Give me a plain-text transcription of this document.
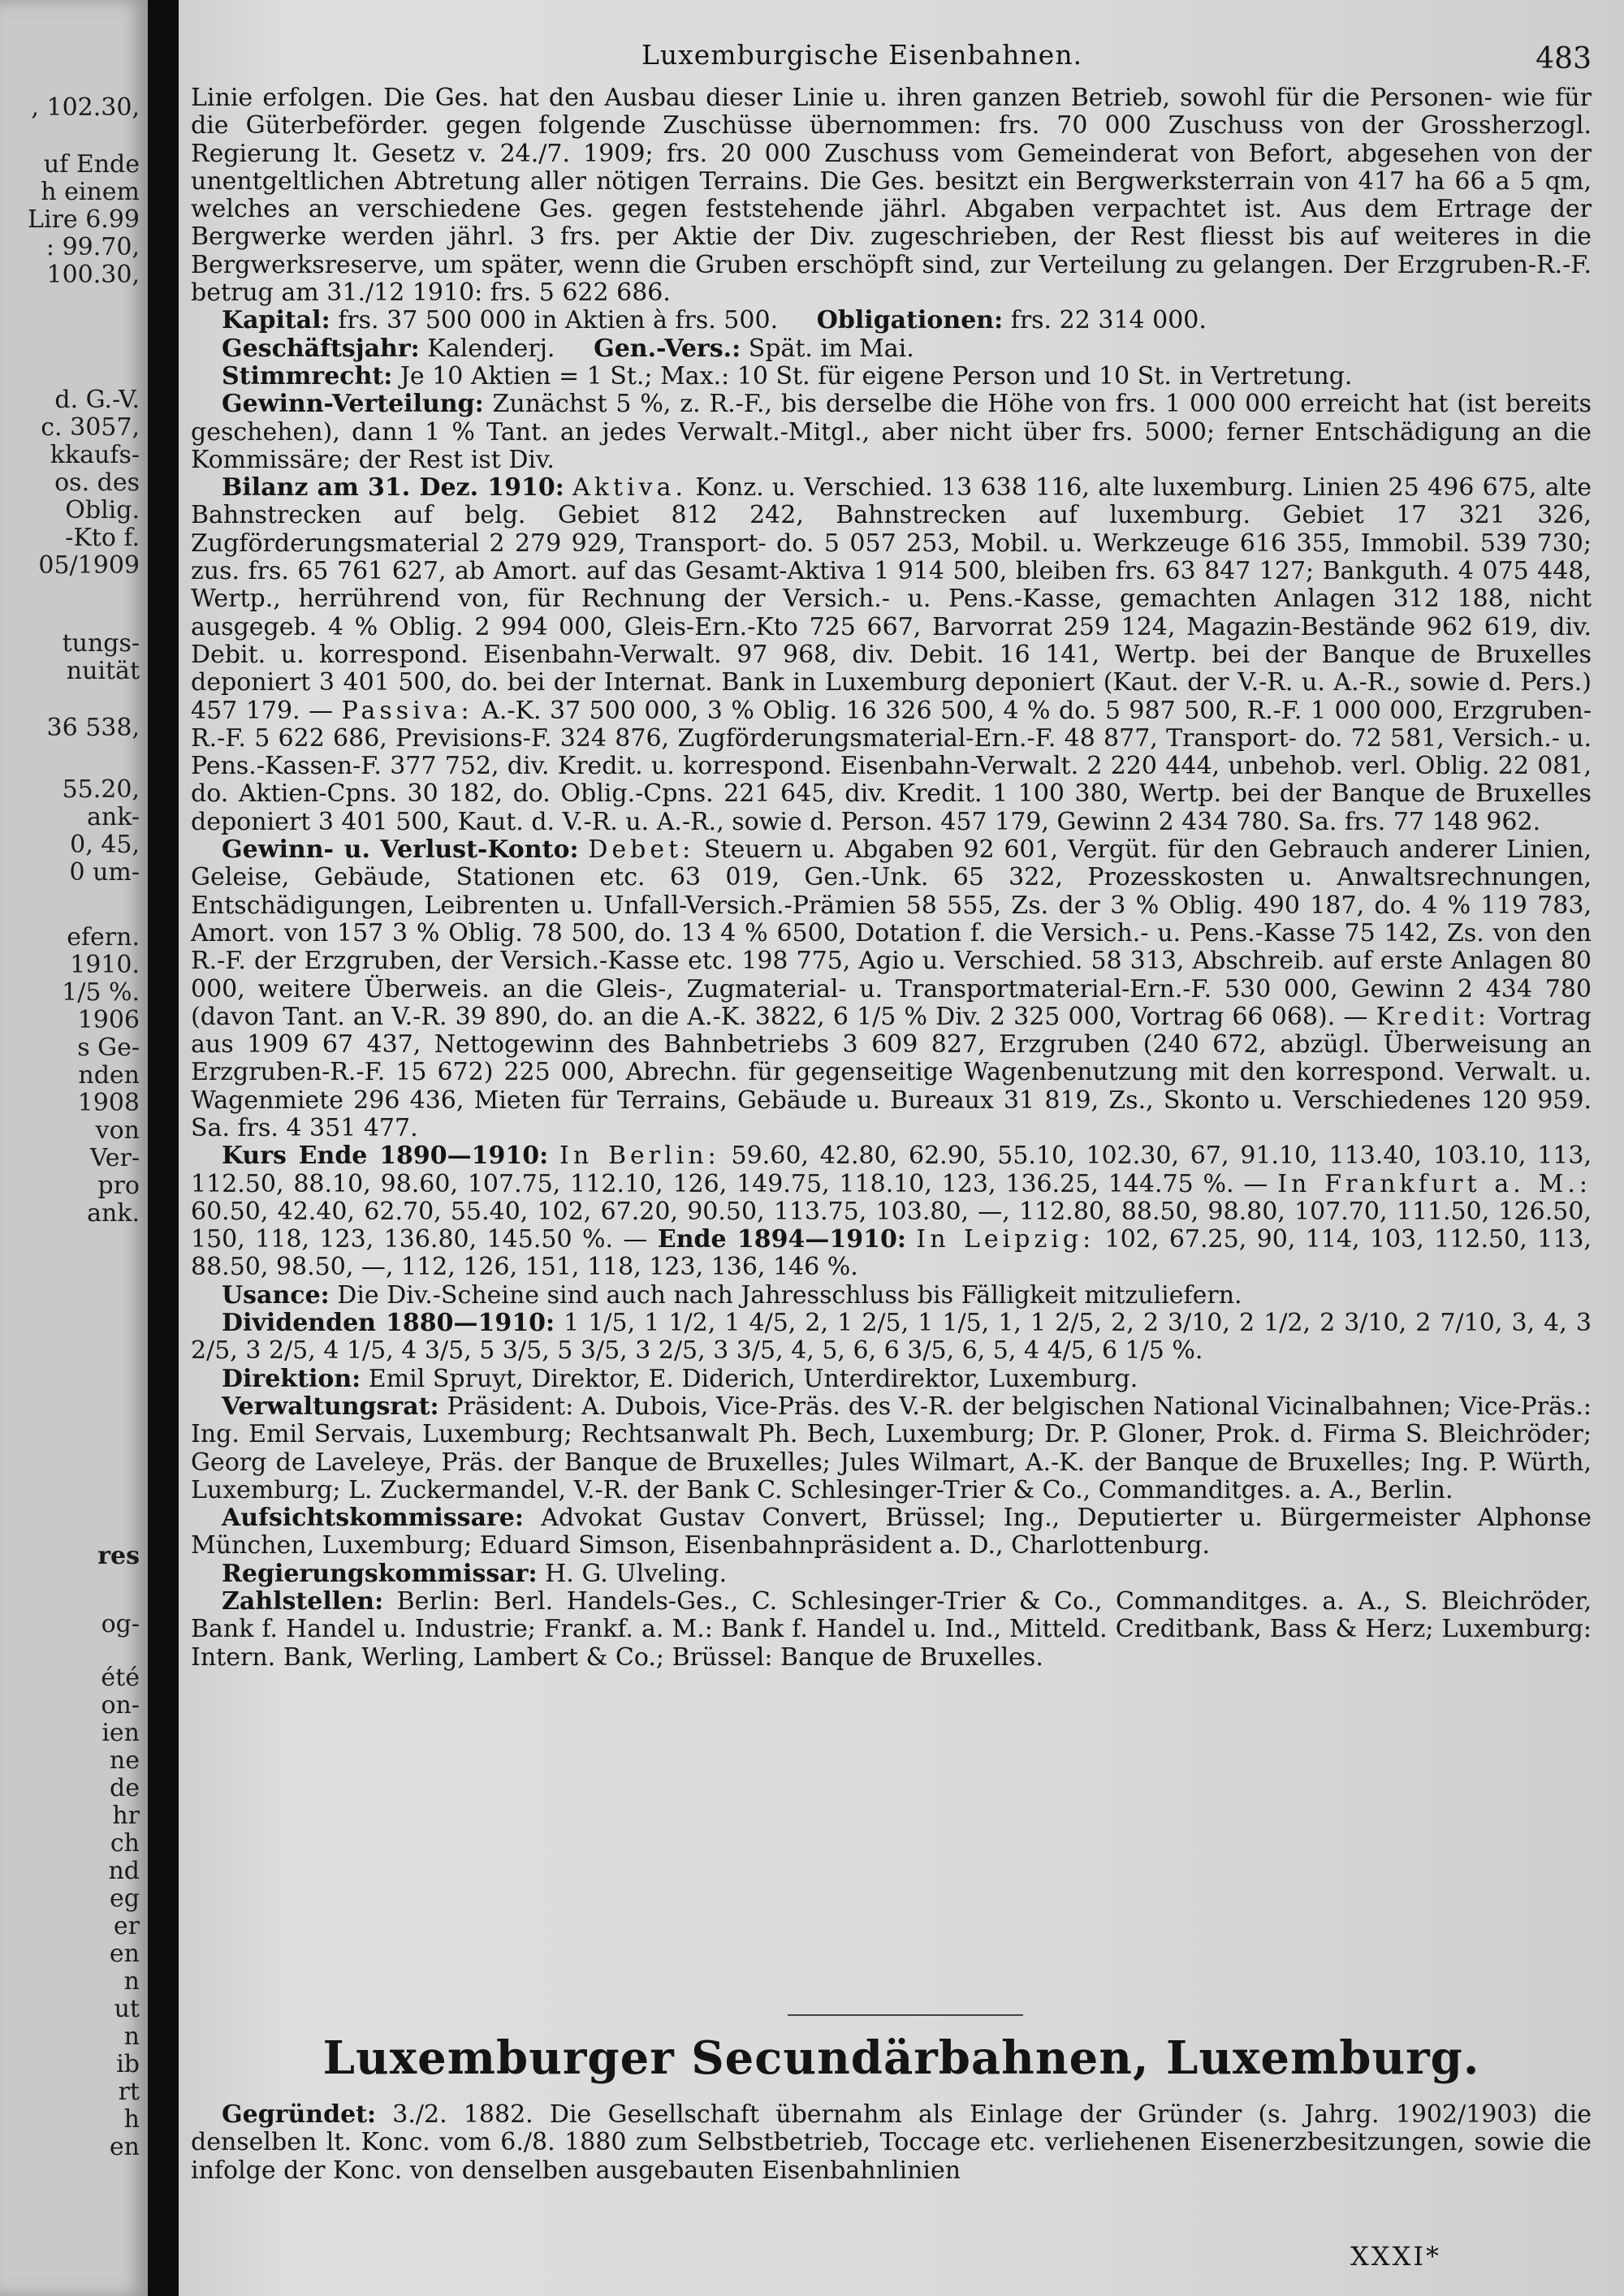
, 102.30,
uf Ende
h einem
Lire 6.99
: 99.70,
100.30,
d. G.-V.
c. 3057,
kkaufs-
os. des
Oblig.
-Kto f.
05/1909
tungs-
nuität
36 538,
55.20,
ank-
0, 45,
0 um-
efern.
1910.
1/5 %.
1906
s Ge-
nden
1908
von
Ver-
pro
ank.
res
og-
été
on-
ien
ne
de
hr
ch
nd
eg
er
en
n
ut
n
ib
rt
h
en
Luxemburgische Eisenbahnen.	483

Linie erfolgen. Die Ges. hat den Ausbau dieser Linie u. ihren ganzen Betrieb, sowohl für die Personen- wie für die Güterbeförder. gegen folgende Zuschüsse übernommen: frs. 70 000 Zuschuss von der Grossherzogl. Regierung lt. Gesetz v. 24./7. 1909; frs. 20 000 Zuschuss vom Gemeinderat von Befort, abgesehen von der unentgeltlichen Abtretung aller nötigen Terrains. Die Ges. besitzt ein Bergwerksterrain von 417 ha 66 a 5 qm, welches an verschiedene Ges. gegen feststehende jährl. Abgaben verpachtet ist. Aus dem Ertrage der Bergwerke werden jährl. 3 frs. per Aktie der Div. zugeschrieben, der Rest fliesst bis auf weiteres in die Bergwerksreserve, um später, wenn die Gruben erschöpft sind, zur Verteilung zu gelangen. Der Erzgruben-R.-F. betrug am 31./12 1910: frs. 5 622 686.

Kapital: frs. 37 500 000 in Aktien à frs. 500. Obligationen: frs. 22 314 000.

Geschäftsjahr: Kalenderj. Gen.-Vers.: Spät. im Mai.

Stimmrecht: Je 10 Aktien = 1 St.; Max.: 10 St. für eigene Person und 10 St. in Vertretung.

Gewinn-Verteilung: Zunächst 5 %, z. R.-F., bis derselbe die Höhe von frs. 1 000 000 erreicht hat (ist bereits geschehen), dann 1 % Tant. an jedes Verwalt.-Mitgl., aber nicht über frs. 5000; ferner Entschädigung an die Kommissäre; der Rest ist Div.

Bilanz am 31. Dez. 1910: Aktiva. Konz. u. Verschied. 13 638 116, alte luxemburg. Linien 25 496 675, alte Bahnstrecken auf belg. Gebiet 812 242, Bahnstrecken auf luxemburg. Gebiet 17 321 326, Zugförderungsmaterial 2 279 929, Transport- do. 5 057 253, Mobil. u. Werkzeuge 616 355, Immobil. 539 730; zus. frs. 65 761 627, ab Amort. auf das Gesamt-Aktiva 1 914 500, bleiben frs. 63 847 127; Bankguth. 4 075 448, Wertp., herrührend von, für Rechnung der Versich.- u. Pens.-Kasse, gemachten Anlagen 312 188, nicht ausgegeb. 4 % Oblig. 2 994 000, Gleis-Ern.-Kto 725 667, Barvorrat 259 124, Magazin-Bestände 962 619, div. Debit. u. korrespond. Eisenbahn-Verwalt. 97 968, div. Debit. 16 141, Wertp. bei der Banque de Bruxelles deponiert 3 401 500, do. bei der Internat. Bank in Luxemburg deponiert (Kaut. der V.-R. u. A.-R., sowie d. Pers.) 457 179. — Passiva: A.-K. 37 500 000, 3 % Oblig. 16 326 500, 4 % do. 5 987 500, R.-F. 1 000 000, Erzgruben-R.-F. 5 622 686, Previsions-F. 324 876, Zugförderungsmaterial-Ern.-F. 48 877, Transport- do. 72 581, Versich.- u. Pens.-Kassen-F. 377 752, div. Kredit. u. korrespond. Eisenbahn-Verwalt. 2 220 444, unbehob. verl. Oblig. 22 081, do. Aktien-Cpns. 30 182, do. Oblig.-Cpns. 221 645, div. Kredit. 1 100 380, Wertp. bei der Banque de Bruxelles deponiert 3 401 500, Kaut. d. V.-R. u. A.-R., sowie d. Person. 457 179, Gewinn 2 434 780. Sa. frs. 77 148 962.

Gewinn- u. Verlust-Konto: Debet: Steuern u. Abgaben 92 601, Vergüt. für den Gebrauch anderer Linien, Geleise, Gebäude, Stationen etc. 63 019, Gen.-Unk. 65 322, Prozesskosten u. Anwaltsrechnungen, Entschädigungen, Leibrenten u. Unfall-Versich.-Prämien 58 555, Zs. der 3 % Oblig. 490 187, do. 4 % 119 783, Amort. von 157 3 % Oblig. 78 500, do. 13 4 % 6500, Dotation f. die Versich.- u. Pens.-Kasse 75 142, Zs. von den R.-F. der Erzgruben, der Versich.-Kasse etc. 198 775, Agio u. Verschied. 58 313, Abschreib. auf erste Anlagen 80 000, weitere Überweis. an die Gleis-, Zugmaterial- u. Transportmaterial-Ern.-F. 530 000, Gewinn 2 434 780 (davon Tant. an V.-R. 39 890, do. an die A.-K. 3822, 6 1/5 % Div. 2 325 000, Vortrag 66 068). — Kredit: Vortrag aus 1909 67 437, Nettogewinn des Bahnbetriebs 3 609 827, Erzgruben (240 672, abzügl. Überweisung an Erzgruben-R.-F. 15 672) 225 000, Abrechn. für gegenseitige Wagenbenutzung mit den korrespond. Verwalt. u. Wagenmiete 296 436, Mieten für Terrains, Gebäude u. Bureaux 31 819, Zs., Skonto u. Verschiedenes 120 959. Sa. frs. 4 351 477.

Kurs Ende 1890—1910: In Berlin: 59.60, 42.80, 62.90, 55.10, 102.30, 67, 91.10, 113.40, 103.10, 113, 112.50, 88.10, 98.60, 107.75, 112.10, 126, 149.75, 118.10, 123, 136.25, 144.75 %. — In Frankfurt a. M.: 60.50, 42.40, 62.70, 55.40, 102, 67.20, 90.50, 113.75, 103.80, —, 112.80, 88.50, 98.80, 107.70, 111.50, 126.50, 150, 118, 123, 136.80, 145.50 %. — Ende 1894—1910: In Leipzig: 102, 67.25, 90, 114, 103, 112.50, 113, 88.50, 98.50, —, 112, 126, 151, 118, 123, 136, 146 %.

Usance: Die Div.-Scheine sind auch nach Jahresschluss bis Fälligkeit mitzuliefern.

Dividenden 1880—1910: 1 1/5, 1 1/2, 1 4/5, 2, 1 2/5, 1 1/5, 1, 1 2/5, 2, 2 3/10, 2 1/2, 2 3/10, 2 7/10, 3, 4, 3 2/5, 3 2/5, 4 1/5, 4 3/5, 5 3/5, 5 3/5, 3 2/5, 3 3/5, 4, 5, 6, 6 3/5, 6, 5, 4 4/5, 6 1/5 %.

Direktion: Emil Spruyt, Direktor, E. Diderich, Unterdirektor, Luxemburg.

Verwaltungsrat: Präsident: A. Dubois, Vice-Präs. des V.-R. der belgischen National Vicinalbahnen; Vice-Präs.: Ing. Emil Servais, Luxemburg; Rechtsanwalt Ph. Bech, Luxemburg; Dr. P. Gloner, Prok. d. Firma S. Bleichröder; Georg de Laveleye, Präs. der Banque de Bruxelles; Jules Wilmart, A.-K. der Banque de Bruxelles; Ing. P. Würth, Luxemburg; L. Zuckermandel, V.-R. der Bank C. Schlesinger-Trier & Co., Commanditges. a. A., Berlin.

Aufsichtskommissare: Advokat Gustav Convert, Brüssel; Ing., Deputierter u. Bürgermeister Alphonse München, Luxemburg; Eduard Simson, Eisenbahnpräsident a. D., Charlottenburg.

Regierungskommissar: H. G. Ulveling.

Zahlstellen: Berlin: Berl. Handels-Ges., C. Schlesinger-Trier & Co., Commanditges. a. A., S. Bleichröder, Bank f. Handel u. Industrie; Frankf. a. M.: Bank f. Handel u. Ind., Mitteld. Creditbank, Bass & Herz; Luxemburg: Intern. Bank, Werling, Lambert & Co.; Brüssel: Banque de Bruxelles.

Luxemburger Secundärbahnen, Luxemburg.

Gegründet: 3./2. 1882. Die Gesellschaft übernahm als Einlage der Gründer (s. Jahrg. 1902/1903) die denselben lt. Konc. vom 6./8. 1880 zum Selbstbetrieb, Toccage etc. verliehenen Eisenerzbesitzungen, sowie die infolge der Konc. von denselben ausgebauten Eisenbahnlinien

XXXI*
